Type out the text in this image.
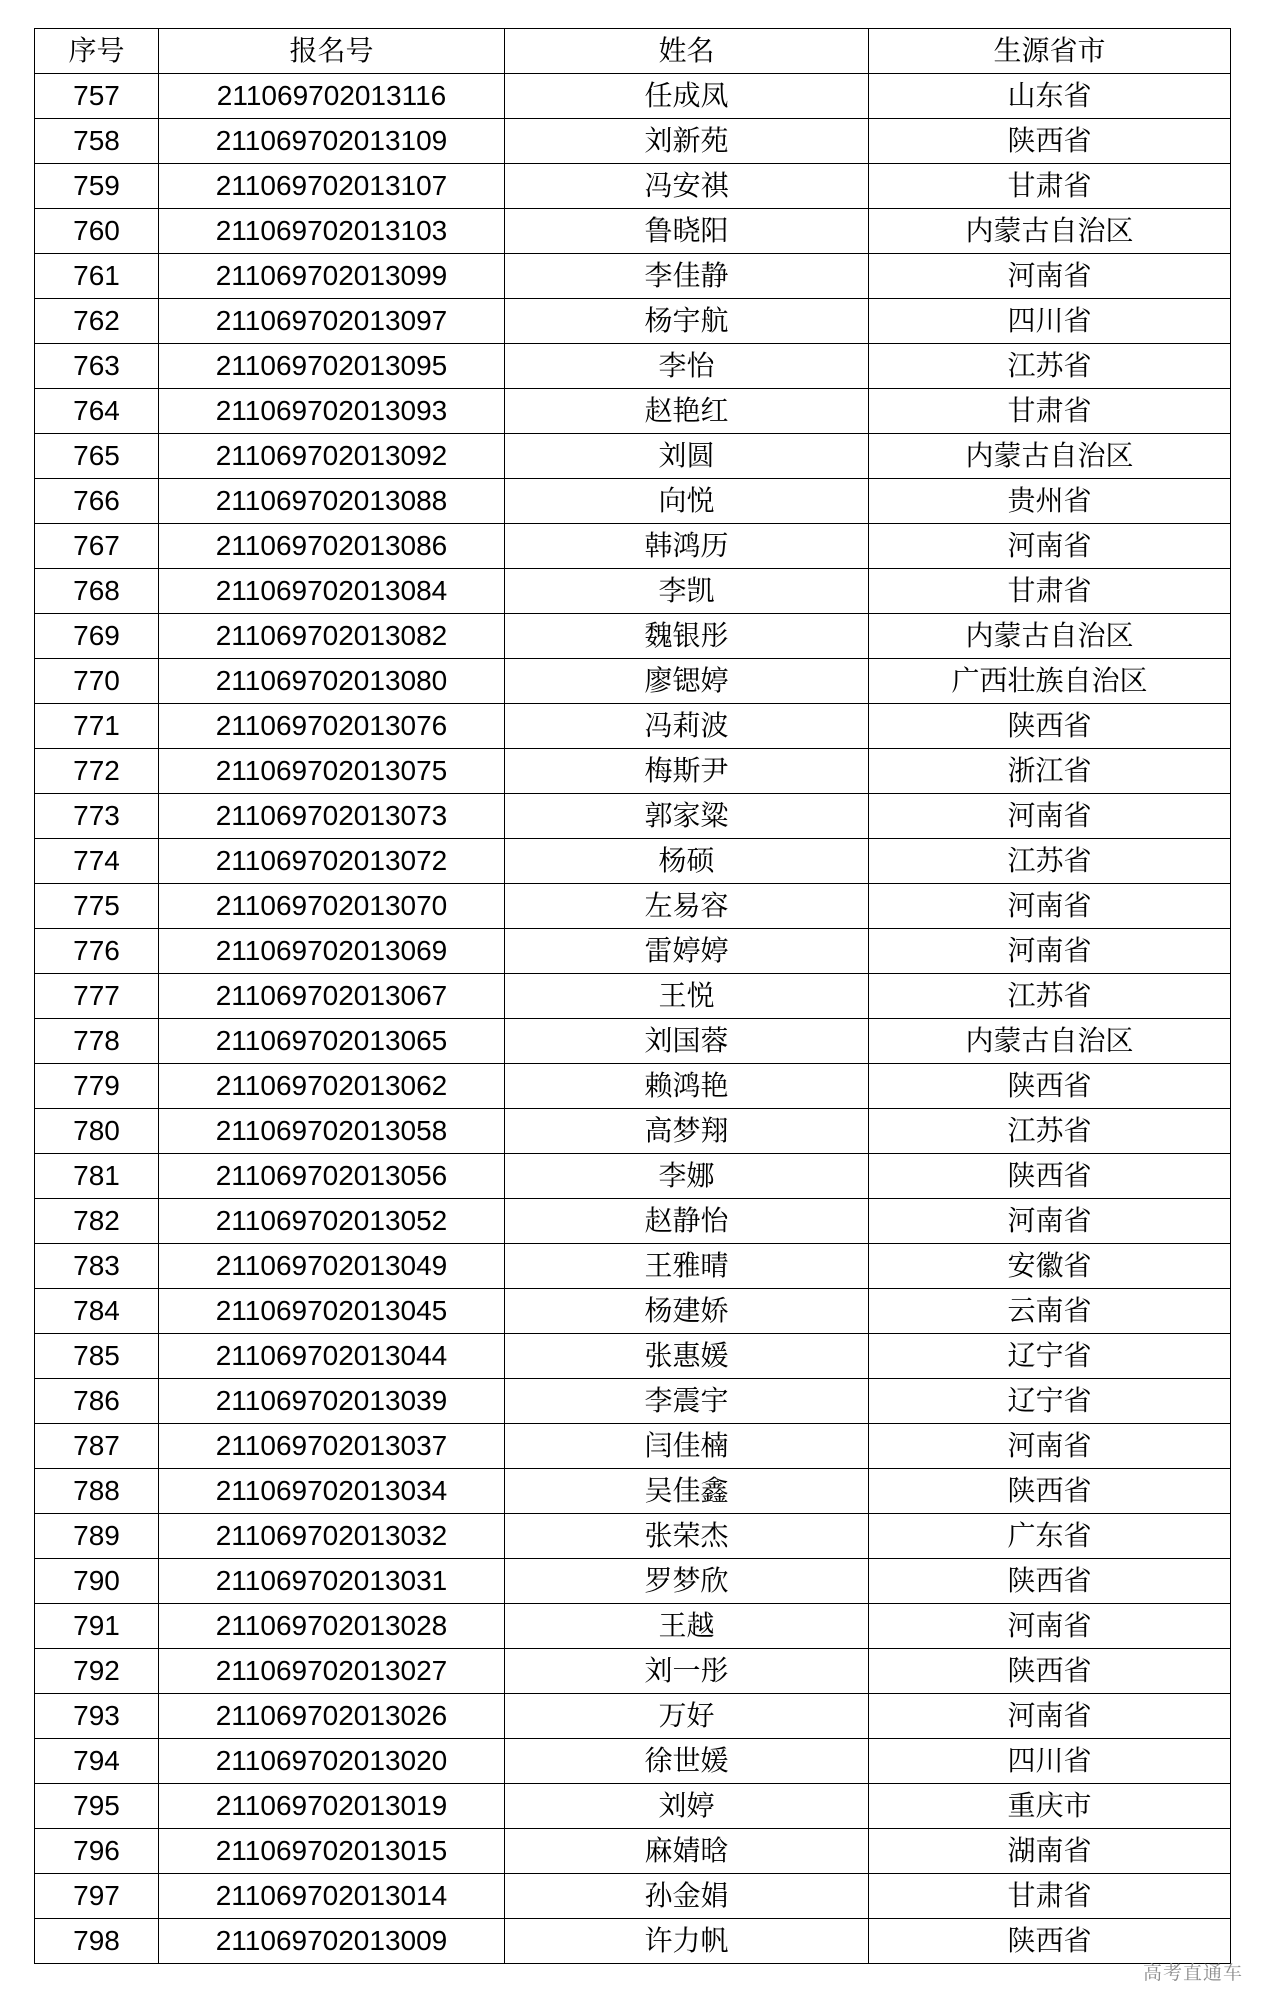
序号	报名号	姓名	生源省市
757	211069702013116	任成凤	山东省
758	211069702013109	刘新苑	陕西省
759	211069702013107	冯安祺	甘肃省
760	211069702013103	鲁晓阳	内蒙古自治区
761	211069702013099	李佳静	河南省
762	211069702013097	杨宇航	四川省
763	211069702013095	李怡	江苏省
764	211069702013093	赵艳红	甘肃省
765	211069702013092	刘圆	内蒙古自治区
766	211069702013088	向悦	贵州省
767	211069702013086	韩鸿历	河南省
768	211069702013084	李凯	甘肃省
769	211069702013082	魏银彤	内蒙古自治区
770	211069702013080	廖锶婷	广西壮族自治区
771	211069702013076	冯莉波	陕西省
772	211069702013075	梅斯尹	浙江省
773	211069702013073	郭家粱	河南省
774	211069702013072	杨硕	江苏省
775	211069702013070	左易容	河南省
776	211069702013069	雷婷婷	河南省
777	211069702013067	王悦	江苏省
778	211069702013065	刘国蓉	内蒙古自治区
779	211069702013062	赖鸿艳	陕西省
780	211069702013058	高梦翔	江苏省
781	211069702013056	李娜	陕西省
782	211069702013052	赵静怡	河南省
783	211069702013049	王雅晴	安徽省
784	211069702013045	杨建娇	云南省
785	211069702013044	张惠媛	辽宁省
786	211069702013039	李震宇	辽宁省
787	211069702013037	闫佳楠	河南省
788	211069702013034	吴佳鑫	陕西省
789	211069702013032	张荣杰	广东省
790	211069702013031	罗梦欣	陕西省
791	211069702013028	王越	河南省
792	211069702013027	刘一彤	陕西省
793	211069702013026	万好	河南省
794	211069702013020	徐世媛	四川省
795	211069702013019	刘婷	重庆市
796	211069702013015	麻婧晗	湖南省
797	211069702013014	孙金娟	甘肃省
798	211069702013009	许力帆	陕西省
高考直通车
